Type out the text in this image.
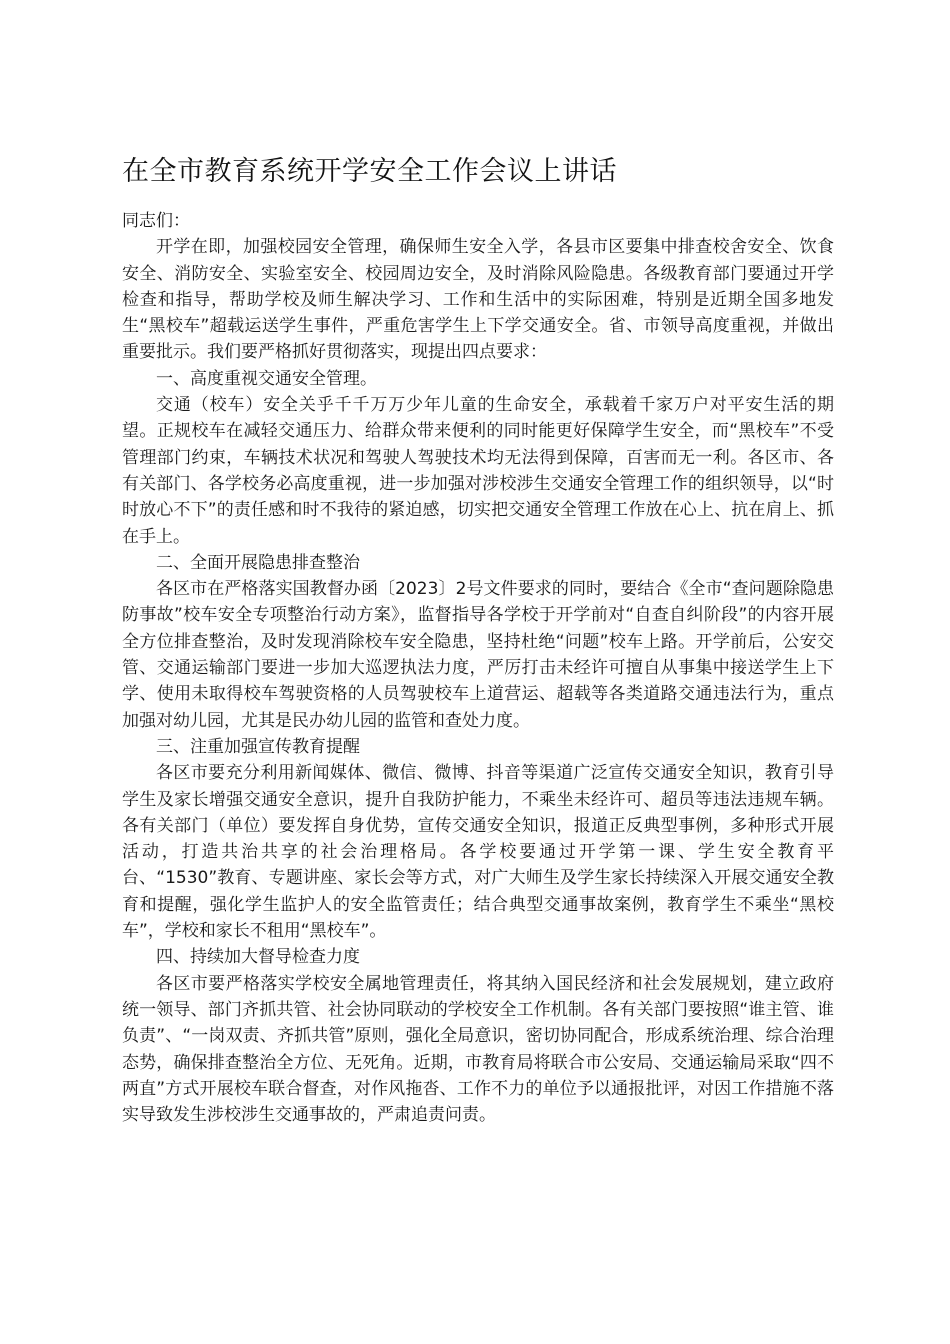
在全市教育系统开学安全工作会议上讲话

同志们：

开学在即，加强校园安全管理，确保师生安全入学，各县市区要集中排查校舍安全、饮食安全、消防安全、实验室安全、校园周边安全，及时消除风险隐患。各级教育部门要通过开学检查和指导，帮助学校及师生解决学习、工作和生活中的实际困难，特别是近期全国多地发生“黑校车”超载运送学生事件，严重危害学生上下学交通安全。省、市领导高度重视，并做出重要批示。我们要严格抓好贯彻落实，现提出四点要求：

一、高度重视交通安全管理。

交通（校车）安全关乎千千万万少年儿童的生命安全，承载着千家万户对平安生活的期望。正规校车在减轻交通压力、给群众带来便利的同时能更好保障学生安全，而“黑校车”不受管理部门约束，车辆技术状况和驾驶人驾驶技术均无法得到保障，百害而无一利。各区市、各有关部门、各学校务必高度重视，进一步加强对涉校涉生交通安全管理工作的组织领导，以“时时放心不下”的责任感和时不我待的紧迫感，切实把交通安全管理工作放在心上、抗在肩上、抓在手上。

二、全面开展隐患排查整治

各区市在严格落实国教督办函〔2023〕2号文件要求的同时，要结合《全市“查问题除隐患防事故”校车安全专项整治行动方案》，监督指导各学校于开学前对“自查自纠阶段”的内容开展全方位排查整治，及时发现消除校车安全隐患，坚持杜绝“问题”校车上路。开学前后，公安交管、交通运输部门要进一步加大巡逻执法力度，严厉打击未经许可擅自从事集中接送学生上下学、使用未取得校车驾驶资格的人员驾驶校车上道营运、超载等各类道路交通违法行为，重点加强对幼儿园，尤其是民办幼儿园的监管和查处力度。

三、注重加强宣传教育提醒

各区市要充分利用新闻媒体、微信、微博、抖音等渠道广泛宣传交通安全知识，教育引导学生及家长增强交通安全意识，提升自我防护能力，不乘坐未经许可、超员等违法违规车辆。各有关部门（单位）要发挥自身优势，宣传交通安全知识，报道正反典型事例，多种形式开展活动，打造共治共享的社会治理格局。各学校要通过开学第一课、学生安全教育平台、“1530”教育、专题讲座、家长会等方式，对广大师生及学生家长持续深入开展交通安全教育和提醒，强化学生监护人的安全监管责任；结合典型交通事故案例，教育学生不乘坐“黑校车”，学校和家长不租用“黑校车”。

四、持续加大督导检查力度

各区市要严格落实学校安全属地管理责任，将其纳入国民经济和社会发展规划，建立政府统一领导、部门齐抓共管、社会协同联动的学校安全工作机制。各有关部门要按照“谁主管、谁负责”、“一岗双责、齐抓共管”原则，强化全局意识，密切协同配合，形成系统治理、综合治理态势，确保排查整治全方位、无死角。近期，市教育局将联合市公安局、交通运输局采取“四不两直”方式开展校车联合督查，对作风拖沓、工作不力的单位予以通报批评，对因工作措施不落实导致发生涉校涉生交通事故的，严肃追责问责。
